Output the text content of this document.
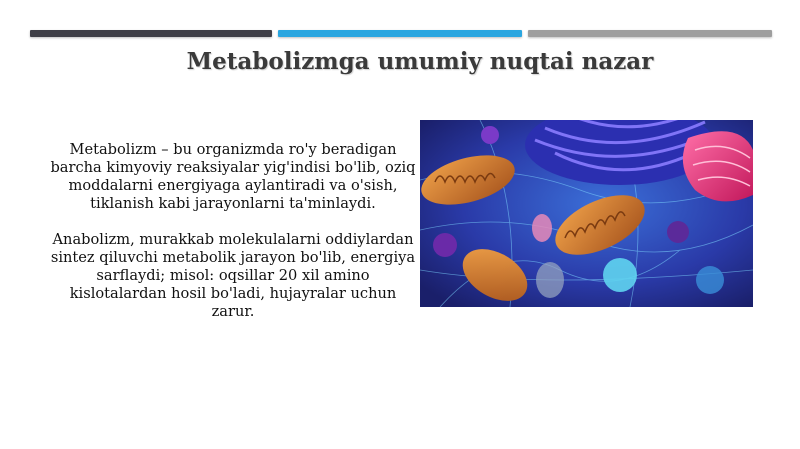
Metabolizmga umumiy nuqtai nazar

Metabolizm – bu organizmda ro'y beradigan barcha kimyoviy reaksiyalar yig'indisi bo'lib, oziq moddalarni energiyaga aylantiradi va o'sish, tiklanish kabi jarayonlarni ta'minlaydi.

Anabolizm, murakkab molekulalarni oddiylardan sintez qiluvchi metabolik jarayon bo'lib, energiya sarflaydi; misol: oqsillar 20 xil amino kislotalardan hosil bo'ladi, hujayralar uchun zarur.
